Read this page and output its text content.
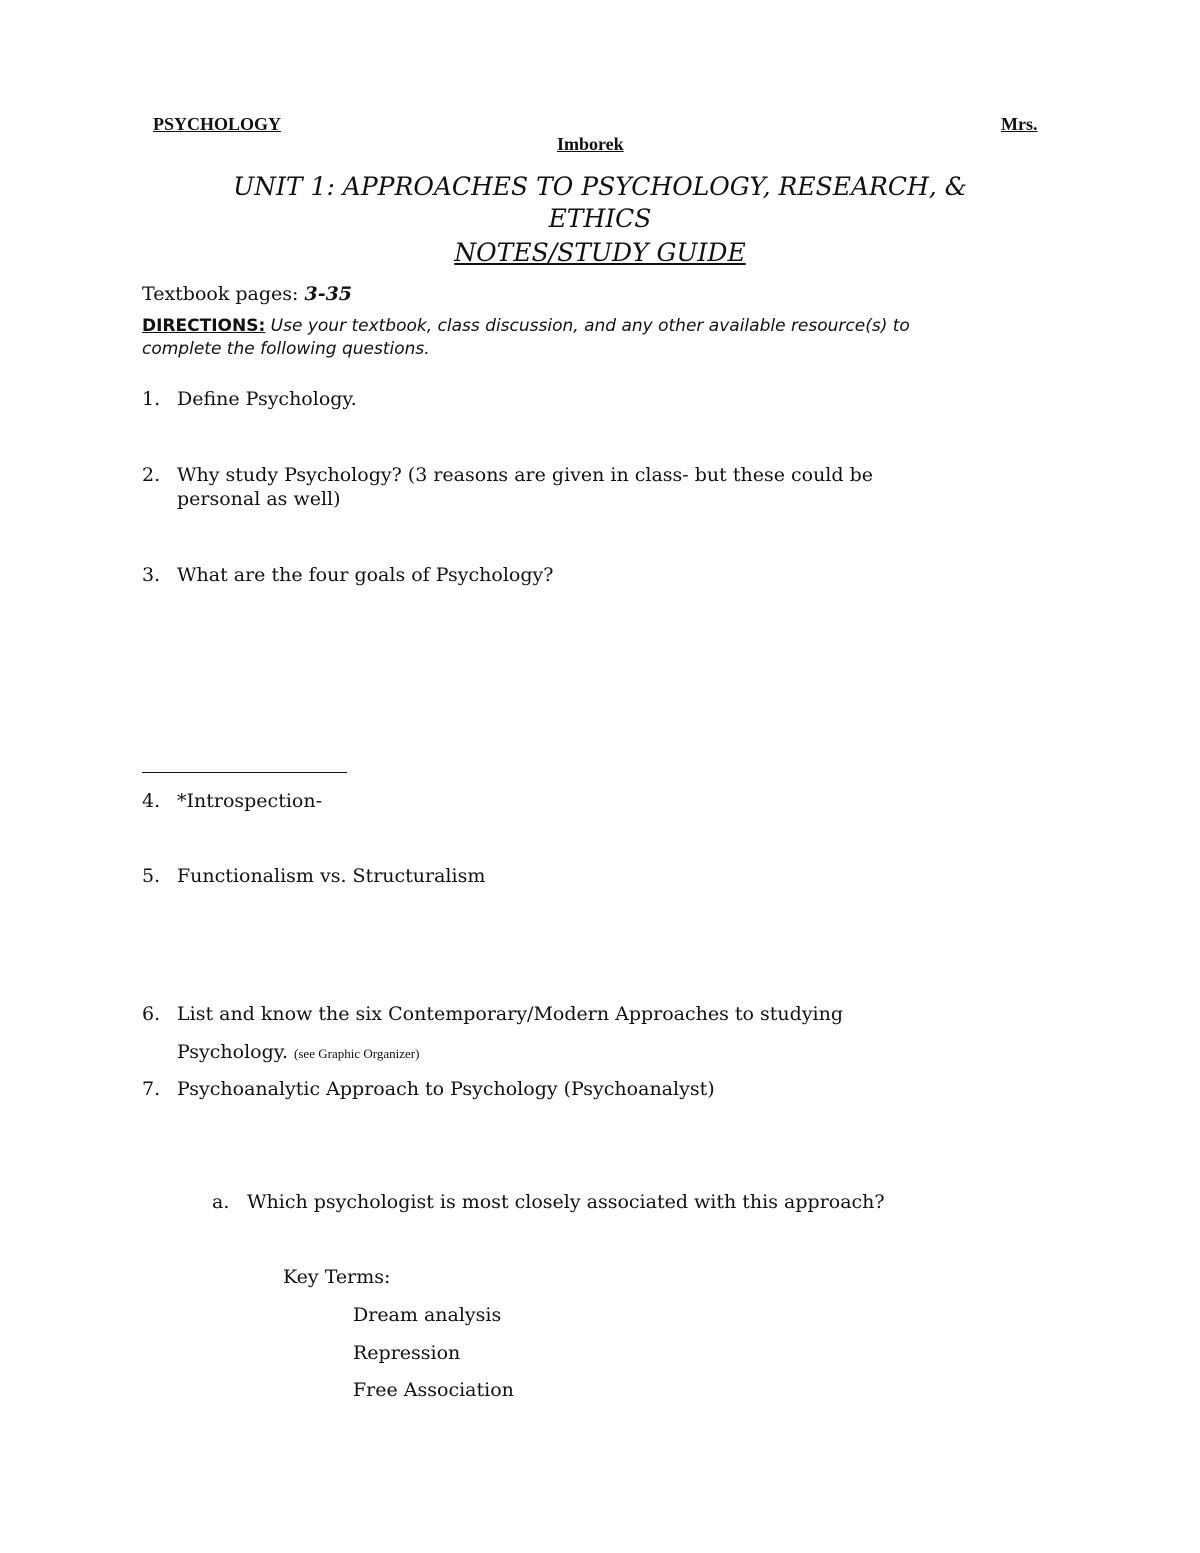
PSYCHOLOGY	Mrs.
Imborek
UNIT 1: APPROACHES TO PSYCHOLOGY, RESEARCH, &
ETHICS
NOTES/STUDY GUIDE
Textbook pages: 3-35
DIRECTIONS: Use your textbook, class discussion, and any other available resource(s) to
complete the following questions.
1. Define Psychology.
2. Why study Psychology? (3 reasons are given in class- but these could be
personal as well)
3. What are the four goals of Psychology?
4. *Introspection-
5. Functionalism vs. Structuralism
6. List and know the six Contemporary/Modern Approaches to studying
Psychology. (see Graphic Organizer)
7. Psychoanalytic Approach to Psychology (Psychoanalyst)
a. Which psychologist is most closely associated with this approach?
Key Terms:
Dream analysis
Repression
Free Association
